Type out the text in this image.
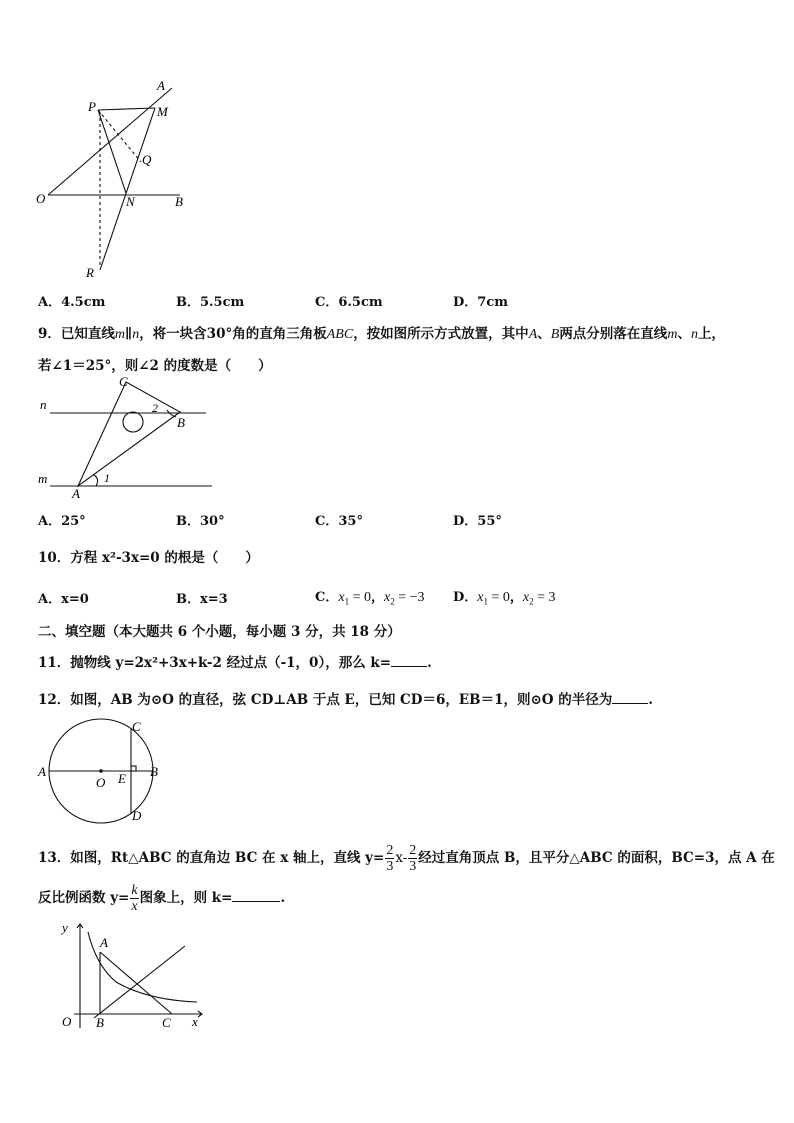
A
M
P
Q
O	N	B
R
A．4.5cm	B．5.5cm	C．6.5cm	D．7cm
9．已知直线m∥n，将一块含30°角的直角三角板ABC，按如图所示方式放置，其中A、B两点分别落在直线m、n上，
若∠1＝25°，则∠2 的度数是（　　）
n
m
C
B
A
1
2
A．25°	B．30°	C．35°	D．55°
10．方程 x²-3x=0 的根是（　　）
A．x=0	B．x=3	C．$x_1 = 0$，$x_2 = -3$ D．$x_1 = 0$，$x_2 = 3$
二、填空题（本大题共 6 个小题，每小题 3 分，共 18 分）
11．抛物线 y=2x²+3x+k-2 经过点（-1，0），那么 k=	.
12．如图，AB 为⊙O 的直径，弦 CD⊥AB 于点 E，已知 CD＝6，EB＝1，则⊙O 的半径为	.
A	B
C
D
O E
13．如图，Rt△ABC 的直角边 BC 在 x 轴上，直线 $y= \frac{2}{3} x- \frac{2}{3}$ 经过直角顶点 B，且平分△ABC 的面积，BC=3，点 A 在
反比例函数 $y= \frac{k}{x}$ 图象上，则 k=	.
y
x
O
A
B	C
